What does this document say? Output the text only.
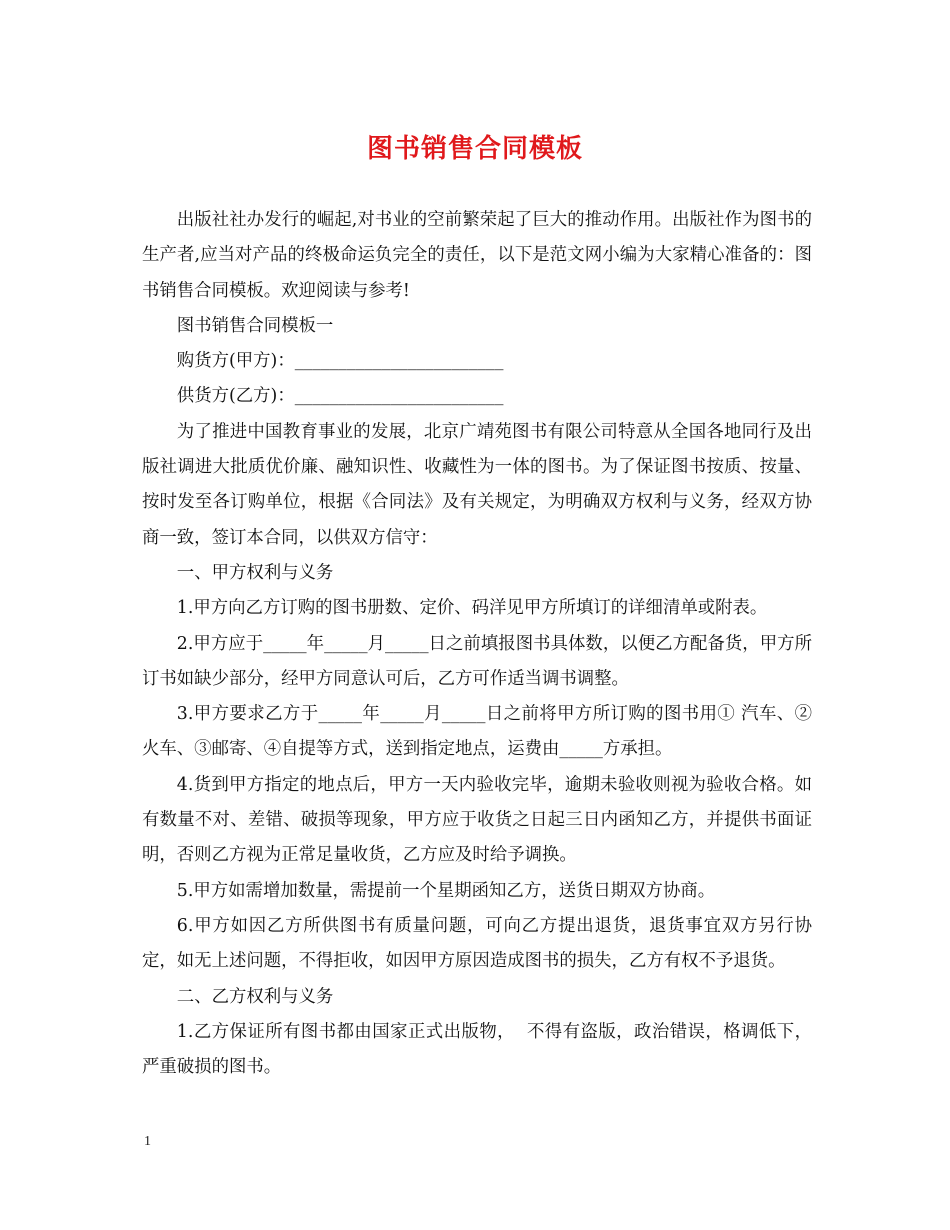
图书销售合同模板

出版社社办发行的崛起,对书业的空前繁荣起了巨大的推动作用。出版社作为图书的生产者,应当对产品的终极命运负完全的责任，以下是范文网小编为大家精心准备的：图书销售合同模板。欢迎阅读与参考!

图书销售合同模板一

购货方(甲方)：________________________

供货方(乙方)：________________________

为了推进中国教育事业的发展，北京广靖苑图书有限公司特意从全国各地同行及出版社调进大批质优价廉、融知识性、收藏性为一体的图书。为了保证图书按质、按量、按时发至各订购单位，根据《合同法》及有关规定，为明确双方权利与义务，经双方协商一致，签订本合同，以供双方信守：

一、甲方权利与义务

1.甲方向乙方订购的图书册数、定价、码洋见甲方所填订的详细清单或附表。

2.甲方应于_____年_____月_____日之前填报图书具体数，以便乙方配备货，甲方所订书如缺少部分，经甲方同意认可后，乙方可作适当调书调整。

3.甲方要求乙方于_____年_____月_____日之前将甲方所订购的图书用① 汽车、②火车、③邮寄、④自提等方式，送到指定地点，运费由_____方承担。

4.货到甲方指定的地点后，甲方一天内验收完毕，逾期未验收则视为验收合格。如有数量不对、差错、破损等现象，甲方应于收货之日起三日内函知乙方，并提供书面证明，否则乙方视为正常足量收货，乙方应及时给予调换。

5.甲方如需增加数量，需提前一个星期函知乙方，送货日期双方协商。

6.甲方如因乙方所供图书有质量问题，可向乙方提出退货，退货事宜双方另行协定，如无上述问题，不得拒收，如因甲方原因造成图书的损失，乙方有权不予退货。

二、乙方权利与义务

1.乙方保证所有图书都由国家正式出版物，  不得有盗版，政治错误，格调低下，严重破损的图书。

1
